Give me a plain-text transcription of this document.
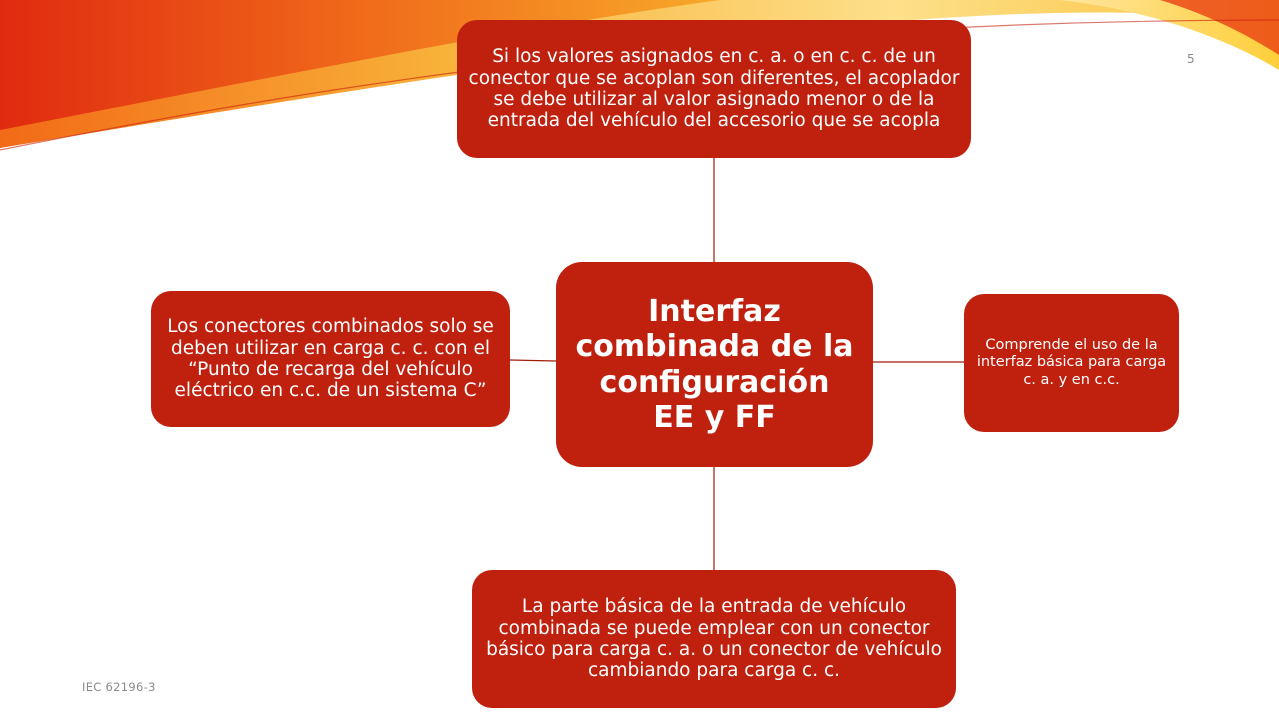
5
Si los valores asignados en c. a. o en c. c. de un conector que se acoplan son diferentes, el acoplador se debe utilizar al valor asignado menor o de la entrada del vehículo del accesorio que se acopla
Los conectores combinados solo se deben utilizar en carga c. c. con el “Punto de recarga del vehículo eléctrico en c.c. de un sistema C”
Interfaz combinada de la configuración EE y FF
Comprende el uso de la interfaz básica para carga c. a. y en c.c.
La parte básica de la entrada de vehículo combinada se puede emplear con un conector básico para carga c. a. o un conector de vehículo cambiando para carga c. c.
IEC 62196-3
